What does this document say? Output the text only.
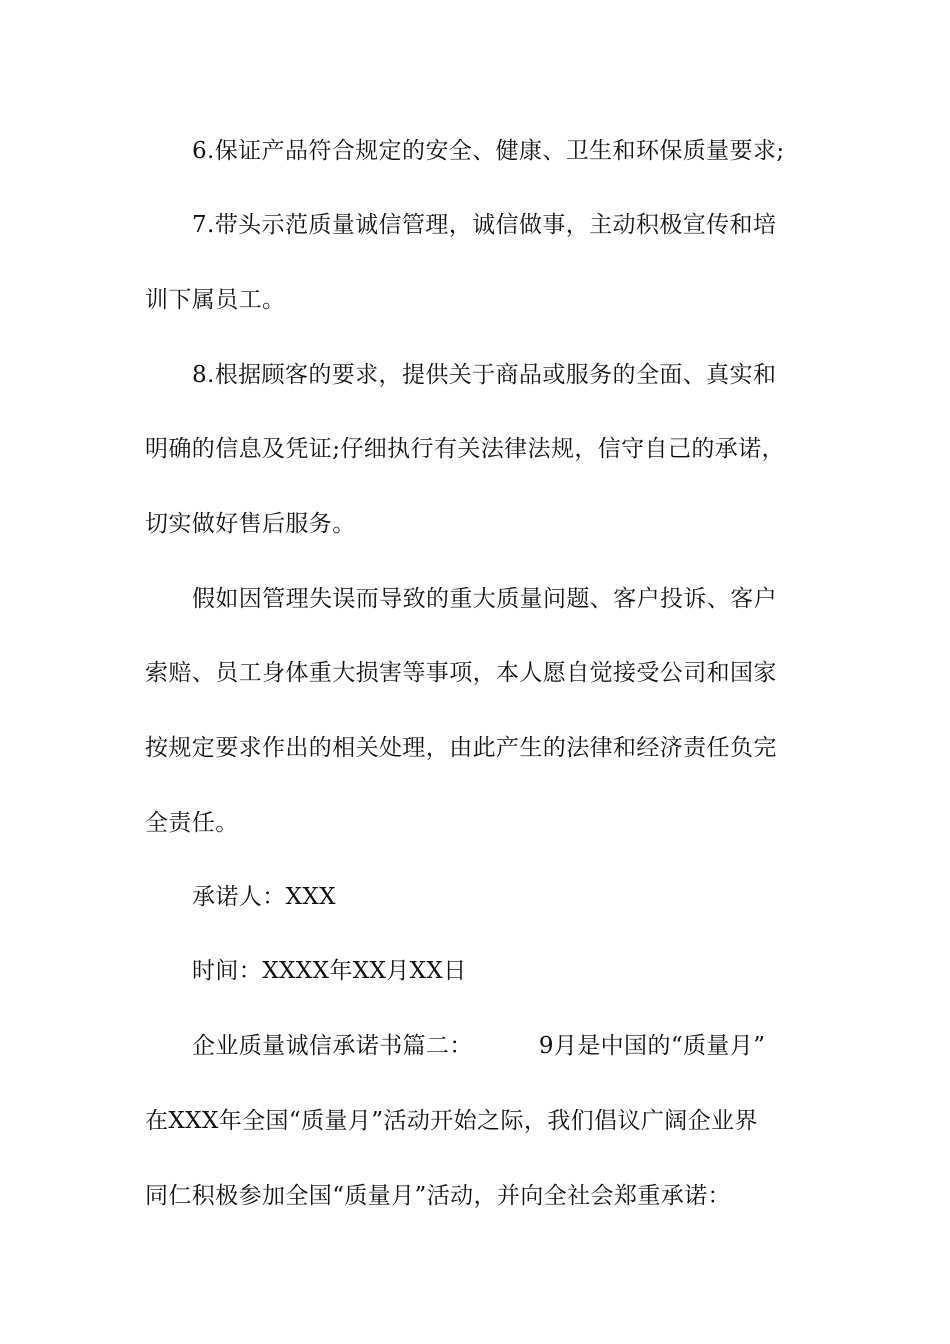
6.保证产品符合规定的安全、健康、卫生和环保质量要求;
7.带头示范质量诚信管理，诚信做事，主动积极宣传和培
训下属员工。
8.根据顾客的要求，提供关于商品或服务的全面、真实和
明确的信息及凭证;仔细执行有关法律法规，信守自己的承诺，
切实做好售后服务。
假如因管理失误而导致的重大质量问题、客户投诉、客户
索赔、员工身体重大损害等事项，本人愿自觉接受公司和国家
按规定要求作出的相关处理，由此产生的法律和经济责任负完
全责任。
承诺人：XXX
时间：XXXX年XX月XX日
企业质量诚信承诺书篇二：	9月是中国的“质量月”
在XXX年全国“质量月”活动开始之际，我们倡议广阔企业界
同仁积极参加全国“质量月”活动，并向全社会郑重承诺：
